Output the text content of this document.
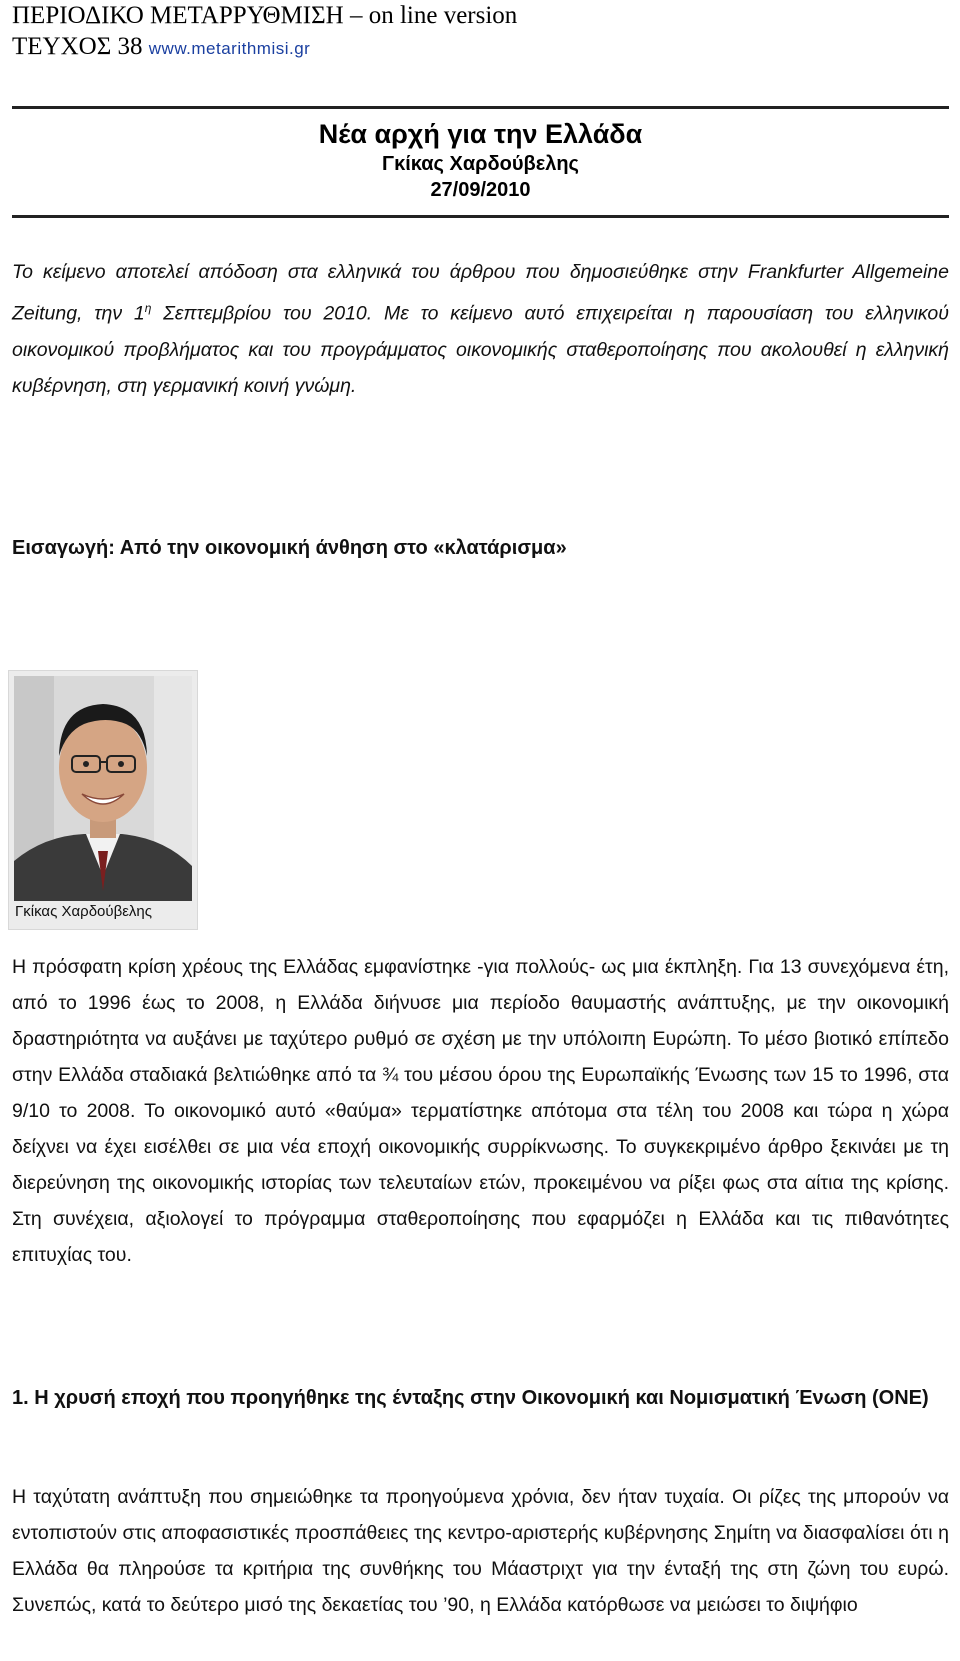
ΠΕΡΙΟΔΙΚΟ ΜΕΤΑΡΡΥΘΜΙΣΗ – on line version
ΤΕΥΧΟΣ 38 www.metarithmisi.gr
Νέα αρχή για την Ελλάδα
Γκίκας Χαρδούβελης
27/09/2010
Το κείμενο αποτελεί απόδοση στα ελληνικά του άρθρου που δημοσιεύθηκε στην Frankfurter Allgemeine Zeitung, την $1^\eta$ Σεπτεμβρίου του 2010. Με το κείμενο αυτό επιχειρείται η παρουσίαση του ελληνικού οικονομικού προβλήματος και του προγράμματος οικονομικής σταθεροποίησης που ακολουθεί η ελληνική κυβέρνηση, στη γερμανική κοινή γνώμη.
Εισαγωγή: Από την οικονομική άνθηση στο «κλατάρισμα»
Γκίκας Χαρδούβελης
Η πρόσφατη κρίση χρέους της Ελλάδας εμφανίστηκε -για πολλούς- ως μια έκπληξη. Για 13 συνεχόμενα έτη, από το 1996 έως το 2008, η Ελλάδα διήνυσε μια περίοδο θαυμαστής ανάπτυξης, με την οικονομική δραστηριότητα να αυξάνει με ταχύτερο ρυθμό σε σχέση με την υπόλοιπη Ευρώπη. Το μέσο βιοτικό επίπεδο στην Ελλάδα σταδιακά βελτιώθηκε από τα ¾ του μέσου όρου της Ευρωπαϊκής Ένωσης των 15 το 1996, στα 9/10 το 2008. Το οικονομικό αυτό «θαύμα» τερματίστηκε απότομα στα τέλη του 2008 και τώρα η χώρα δείχνει να έχει εισέλθει σε μια νέα εποχή οικονομικής συρρίκνωσης. Το συγκεκριμένο άρθρο ξεκινάει με τη διερεύνηση της οικονομικής ιστορίας των τελευταίων ετών, προκειμένου να ρίξει φως στα αίτια της κρίσης. Στη συνέχεια, αξιολογεί το πρόγραμμα σταθεροποίησης που εφαρμόζει η Ελλάδα και τις πιθανότητες επιτυχίας του.
1. Η χρυσή εποχή που προηγήθηκε της ένταξης στην Οικονομική και Νομισματική Ένωση (ΟΝΕ)
Η ταχύτατη ανάπτυξη που σημειώθηκε τα προηγούμενα χρόνια, δεν ήταν τυχαία. Οι ρίζες της μπορούν να εντοπιστούν στις αποφασιστικές προσπάθειες της κεντρο-αριστερής κυβέρνησης Σημίτη να διασφαλίσει ότι η Ελλάδα θα πληρούσε τα κριτήρια της συνθήκης του Μάαστριχτ για την ένταξή της στη ζώνη του ευρώ. Συνεπώς, κατά το δεύτερο μισό της δεκαετίας του ’90, η Ελλάδα κατόρθωσε να μειώσει το διψήφιο
